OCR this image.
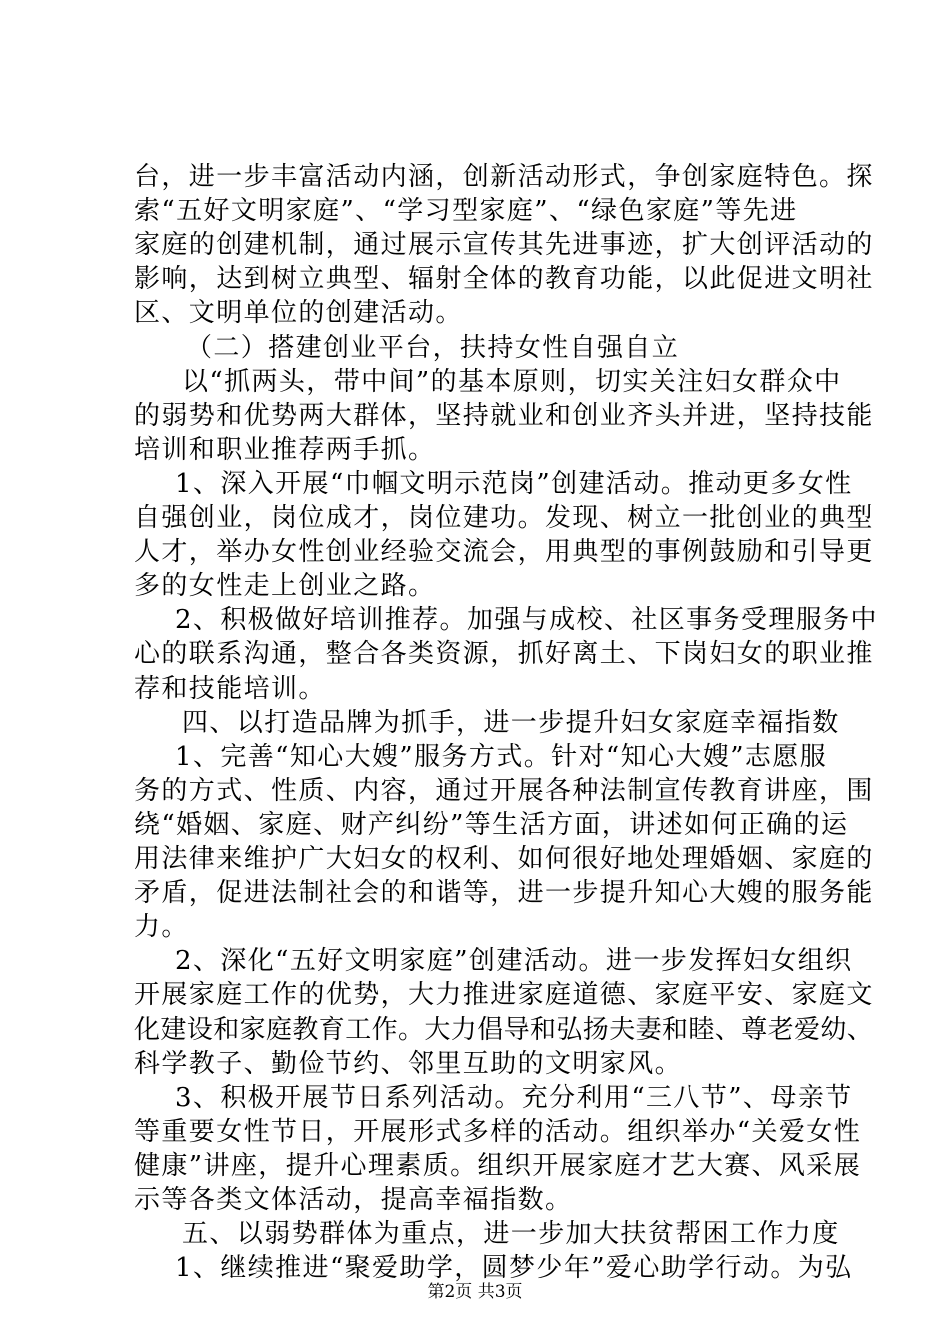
台，进一步丰富活动内涵，创新活动形式，争创家庭特色。探
索“五好文明家庭”、“学习型家庭”、“绿色家庭”等先进
家庭的创建机制，通过展示宣传其先进事迹，扩大创评活动的
影响，达到树立典型、辐射全体的教育功能，以此促进文明社
区、文明单位的创建活动。
（二）搭建创业平台，扶持女性自强自立
以“抓两头，带中间”的基本原则，切实关注妇女群众中
的弱势和优势两大群体，坚持就业和创业齐头并进，坚持技能
培训和职业推荐两手抓。
1、深入开展“巾帼文明示范岗”创建活动。推动更多女性
自强创业，岗位成才，岗位建功。发现、树立一批创业的典型
人才，举办女性创业经验交流会，用典型的事例鼓励和引导更
多的女性走上创业之路。
2、积极做好培训推荐。加强与成校、社区事务受理服务中
心的联系沟通，整合各类资源，抓好离土、下岗妇女的职业推
荐和技能培训。
四、以打造品牌为抓手，进一步提升妇女家庭幸福指数
1、完善“知心大嫂”服务方式。针对“知心大嫂”志愿服
务的方式、性质、内容，通过开展各种法制宣传教育讲座，围
绕“婚姻、家庭、财产纠纷”等生活方面，讲述如何正确的运
用法律来维护广大妇女的权利、如何很好地处理婚姻、家庭的
矛盾，促进法制社会的和谐等，进一步提升知心大嫂的服务能
力。
2、深化“五好文明家庭”创建活动。进一步发挥妇女组织
开展家庭工作的优势，大力推进家庭道德、家庭平安、家庭文
化建设和家庭教育工作。大力倡导和弘扬夫妻和睦、尊老爱幼、
科学教子、勤俭节约、邻里互助的文明家风。
3、积极开展节日系列活动。充分利用“三八节”、母亲节
等重要女性节日，开展形式多样的活动。组织举办“关爱女性
健康”讲座，提升心理素质。组织开展家庭才艺大赛、风采展
示等各类文体活动，提高幸福指数。
五、以弱势群体为重点，进一步加大扶贫帮困工作力度
1、继续推进“聚爱助学，圆梦少年”爱心助学行动。为弘
第2页 共3页
